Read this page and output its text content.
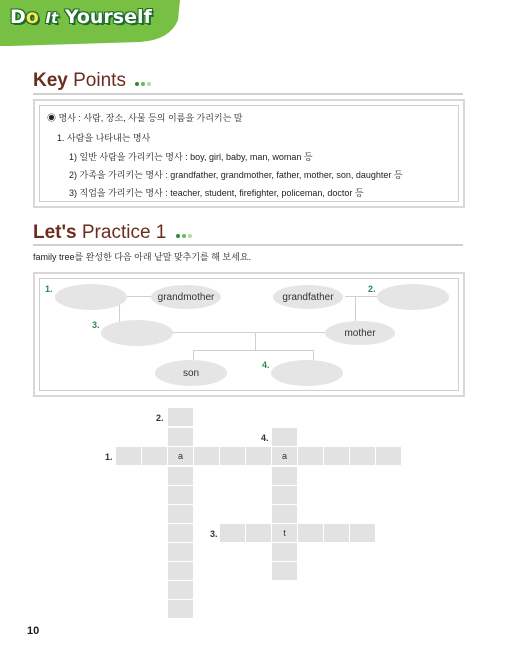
Do It Yourself
Key Points
◉ 명사 : 사람, 장소, 사물 등의 이름을 가리키는 말
1. 사람을 나타내는 명사
1) 일반 사람을 가리키는 명사 : boy, girl, baby, man, woman 등
2) 가족을 가리키는 명사 : grandfather, grandmother, father, mother, son, daughter 등
3) 직업을 가리키는 명사 : teacher, student, firefighter, policeman, doctor 등
Let's Practice 1
family tree를 완성한 다음 아래 낱말 맞추기를 해 보세요.
1.
grandmother	grandfather
2.
3.
mother
son
4.
2.
4.
1.
3.
a	a
t
10
